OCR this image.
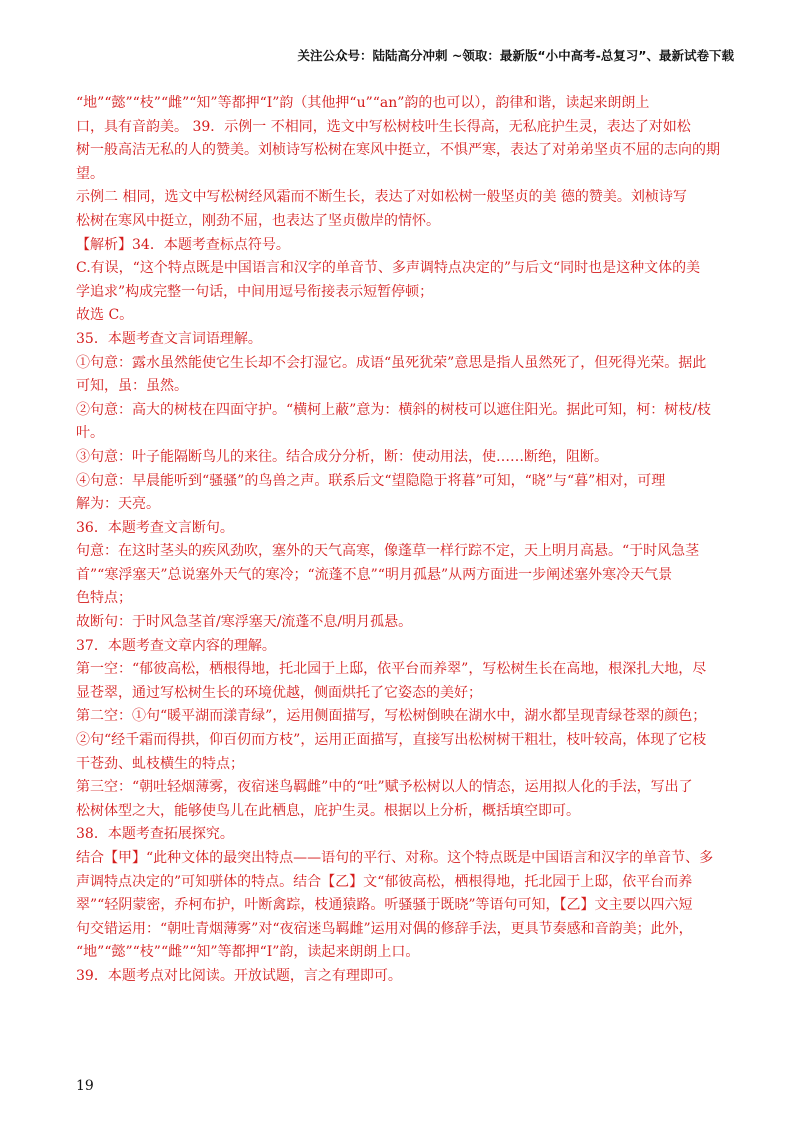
关注公众号：陆陆高分冲刺 ~领取：最新版“小中高考-总复习”、最新试卷下载
“地”“懿”“枝”“雌”“知”等都押“I”韵（其他押“u”“an”韵的也可以），韵律和谐，读起来朗朗上
口，具有音韵美。 39．示例一 不相同，选文中写松树枝叶生长得高，无私庇护生灵，表达了对如松
树一般高洁无私的人的赞美。刘桢诗写松树在寒风中挺立，不惧严寒，表达了对弟弟坚贞不屈的志向的期
望。
示例二 相同，选文中写松树经风霜而不断生长，表达了对如松树一般坚贞的美 德的赞美。刘桢诗写
松树在寒风中挺立，刚劲不屈，也表达了坚贞傲岸的情怀。
【解析】34．本题考查标点符号。
C.有误，“这个特点既是中国语言和汉字的单音节、多声调特点决定的”与后文“同时也是这种文体的美
学追求”构成完整一句话，中间用逗号衔接表示短暂停顿；
故选 C。
35．本题考查文言词语理解。
①句意：露水虽然能使它生长却不会打湿它。成语“虽死犹荣”意思是指人虽然死了，但死得光荣。据此
可知，虽：虽然。
②句意：高大的树枝在四面守护。“横柯上蔽”意为：横斜的树枝可以遮住阳光。据此可知，柯：树枝/枝
叶。
③句意：叶子能隔断鸟儿的来往。结合成分分析，断：使动用法，使……断绝，阻断。
④句意：早晨能听到“骚骚”的鸟兽之声。联系后文“望隐隐于将暮”可知，“晓”与“暮”相对，可理
解为：天亮。
36．本题考查文言断句。
句意：在这时茎头的疾风劲吹，塞外的天气高寒，像蓬草一样行踪不定，天上明月高悬。“于时风急茎
首”“寒浮塞天”总说塞外天气的寒冷；“流蓬不息”“明月孤悬”从两方面进一步阐述塞外寒冷天气景
色特点；
故断句：于时风急茎首/寒浮塞天/流蓬不息/明月孤悬。
37．本题考查文章内容的理解。
第一空：“郁彼高松，栖根得地，托北园于上邸，依平台而养翠”，写松树生长在高地，根深扎大地，尽
显苍翠，通过写松树生长的环境优越，侧面烘托了它姿态的美好；
第二空：①句“暖平湖而漾青绿”，运用侧面描写，写松树倒映在湖水中，湖水都呈现青绿苍翠的颜色；
②句“经千霜而得拱，仰百仞而方枝”，运用正面描写，直接写出松树树干粗壮，枝叶较高，体现了它枝
干苍劲、虬枝横生的特点；
第三空：“朝吐轻烟薄雾，夜宿迷鸟羁雌”中的“吐”赋予松树以人的情态，运用拟人化的手法，写出了
松树体型之大，能够使鸟儿在此栖息，庇护生灵。根据以上分析，概括填空即可。
38．本题考查拓展探究。
结合【甲】“此种文体的最突出特点——语句的平行、对称。这个特点既是中国语言和汉字的单音节、多
声调特点决定的”可知骈体的特点。结合【乙】文“郁彼高松，栖根得地，托北园于上邸，依平台而养
翠”“轻阴蒙密，乔柯布护，叶断禽踪，枝通猿路。听骚骚于既晓”等语句可知，【乙】文主要以四六短
句交错运用：“朝吐青烟薄雾”对“夜宿迷鸟羁雌”运用对偶的修辞手法，更具节奏感和音韵美；此外，
“地”“懿”“枝”“雌”“知”等都押“I”韵，读起来朗朗上口。
39．本题考点对比阅读。开放试题，言之有理即可。
19
